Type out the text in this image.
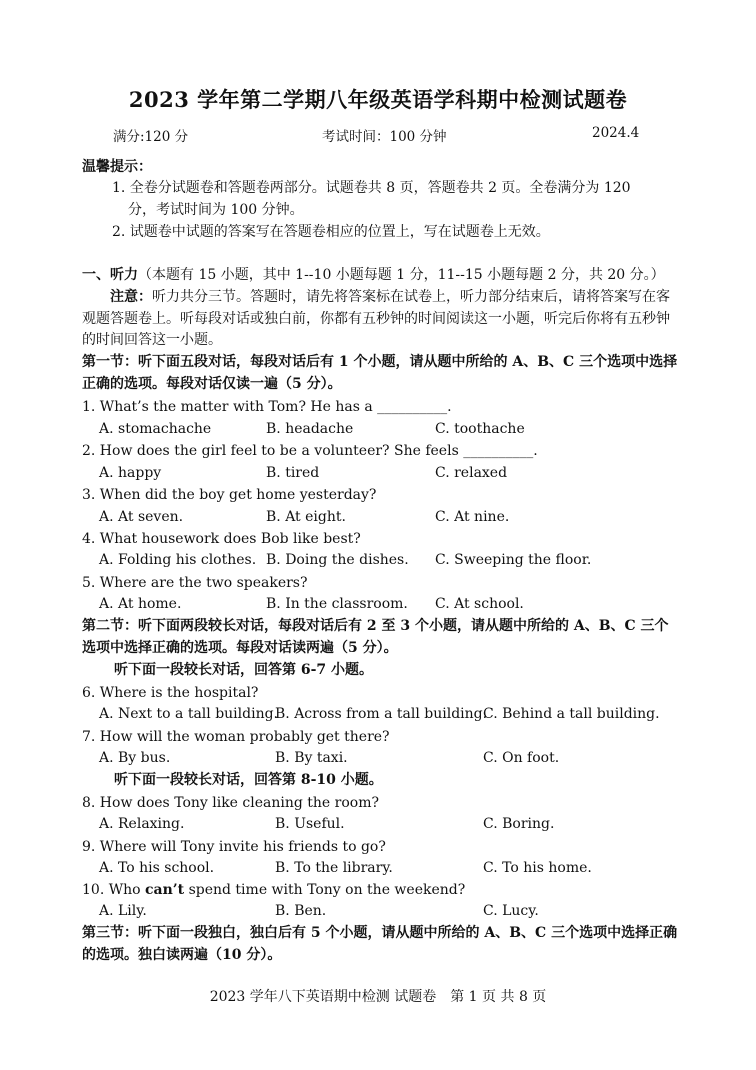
2023 学年第二学期八年级英语学科期中检测试题卷
满分:120 分	考试时间：100 分钟	2024.4
温馨提示：
1. 全卷分试题卷和答题卷两部分。试题卷共 8 页，答题卷共 2 页。全卷满分为 120
分，考试时间为 100 分钟。
2. 试题卷中试题的答案写在答题卷相应的位置上，写在试题卷上无效。
一、听力（本题有 15 小题，其中 1--10 小题每题 1 分，11--15 小题每题 2 分，共 20 分。）
注意：听力共分三节。答题时，请先将答案标在试卷上，听力部分结束后，请将答案写在客观题答题卷上。听每段对话或独白前，你都有五秒钟的时间阅读这一小题，听完后你将有五秒钟的时间回答这一小题。
第一节：听下面五段对话，每段对话后有 1 个小题，请从题中所给的 A、B、C 三个选项中选择正确的选项。每段对话仅读一遍（5 分）。
1. What’s the matter with Tom? He has a __________.
A. stomachache	B. headache	C. toothache
2. How does the girl feel to be a volunteer? She feels __________.
A. happy	B. tired	C. relaxed
3. When did the boy get home yesterday?
A. At seven.	B. At eight.	C. At nine.
4. What housework does Bob like best?
A. Folding his clothes. B. Doing the dishes. C. Sweeping the floor.
5. Where are the two speakers?
A. At home.	B. In the classroom. C. At school.
第二节：听下面两段较长对话，每段对话后有 2 至 3 个小题，请从题中所给的 A、B、C 三个选项中选择正确的选项。每段对话读两遍（5 分）。
听下面一段较长对话，回答第 6-7 小题。
6. Where is the hospital?
A. Next to a tall building.
B. Across from a tall building.
C. Behind a tall building.
7. How will the woman probably get there?
A. By bus.	B. By taxi.	C. On foot.
听下面一段较长对话，回答第 8-10 小题。
8. How does Tony like cleaning the room?
A. Relaxing.	B. Useful.	C. Boring.
9. Where will Tony invite his friends to go?
A. To his school.	B. To the library.	C. To his home.
10. Who can’t spend time with Tony on the weekend?
A. Lily.	B. Ben.	C. Lucy.
第三节：听下面一段独白，独白后有 5 个小题，请从题中所给的 A、B、C 三个选项中选择正确的选项。独白读两遍（10 分）。
2023 学年八下英语期中检测 试题卷　第 1 页 共 8 页
